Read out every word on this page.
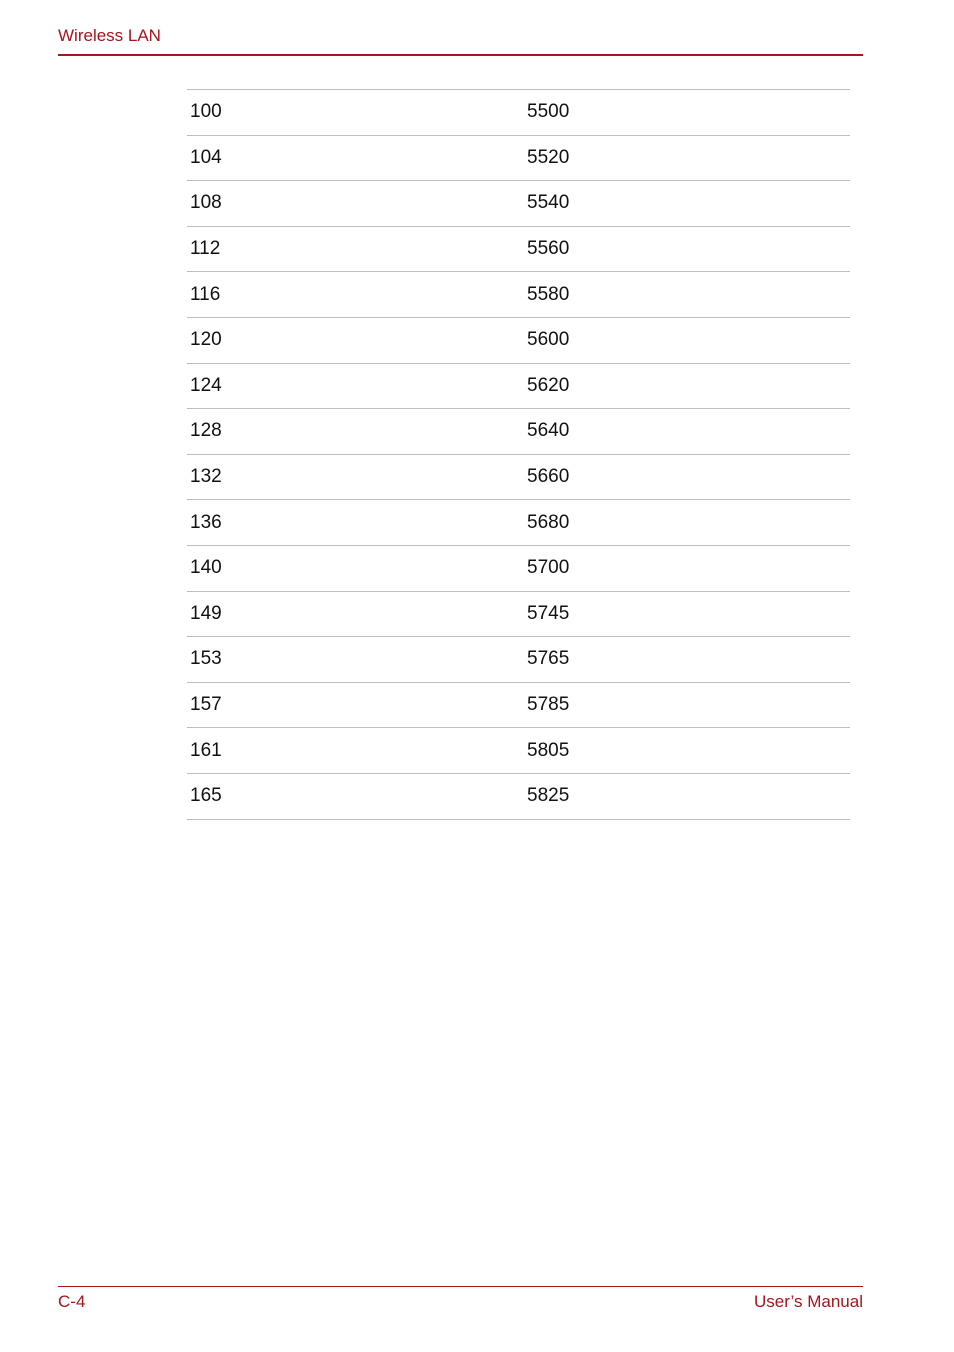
Wireless LAN
100	5500
104	5520
108	5540
112	5560
116	5580
120	5600
124	5620
128	5640
132	5660
136	5680
140	5700
149	5745
153	5765
157	5785
161	5805
165	5825
C-4	User’s Manual
